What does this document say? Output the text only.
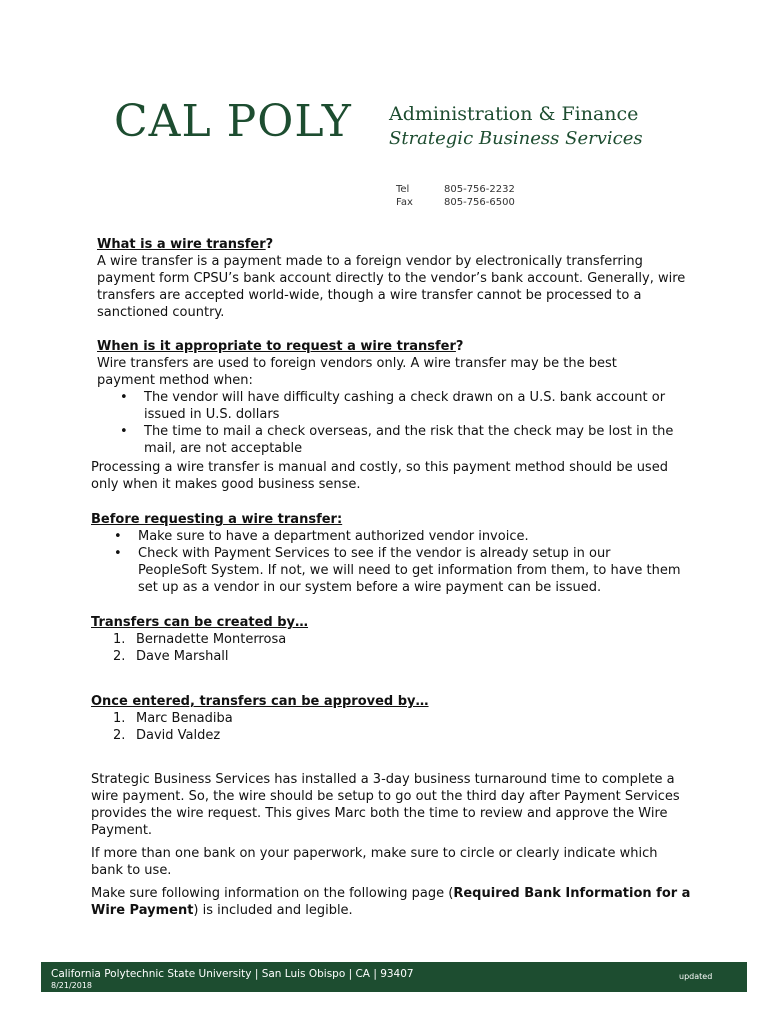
CAL POLY Administration & Finance
Strategic Business Services
Tel	805-756-2232
Fax	805-756-6500
What is a wire transfer?

A wire transfer is a payment made to a foreign vendor by electronically transferring payment form CPSU’s bank account directly to the vendor’s bank account. Generally, wire transfers are accepted world-wide, though a wire transfer cannot be processed to a sanctioned country.

When is it appropriate to request a wire transfer?

Wire transfers are used to foreign vendors only. A wire transfer may be the best payment method when:

• The vendor will have difficulty cashing a check drawn on a U.S. bank account or issued in U.S. dollars
• The time to mail a check overseas, and the risk that the check may be lost in the mail, are not acceptable

Processing a wire transfer is manual and costly, so this payment method should be used only when it makes good business sense.

Before requesting a wire transfer:
• Make sure to have a department authorized vendor invoice.
• Check with Payment Services to see if the vendor is already setup in our PeopleSoft System. If not, we will need to get information from them, to have them set up as a vendor in our system before a wire payment can be issued.
Transfers can be created by…
1. Bernadette Monterrosa
2. Dave Marshall
Once entered, transfers can be approved by…
1. Marc Benadiba
2. David Valdez

Strategic Business Services has installed a 3-day business turnaround time to complete a wire payment. So, the wire should be setup to go out the third day after Payment Services provides the wire request. This gives Marc both the time to review and approve the Wire Payment.

If more than one bank on your paperwork, make sure to circle or clearly indicate which bank to use.

Make sure following information on the following page (Required Bank Information for a Wire Payment) is included and legible.

California Polytechnic State University | San Luis Obispo | CA | 93407
8/21/2018
updated
